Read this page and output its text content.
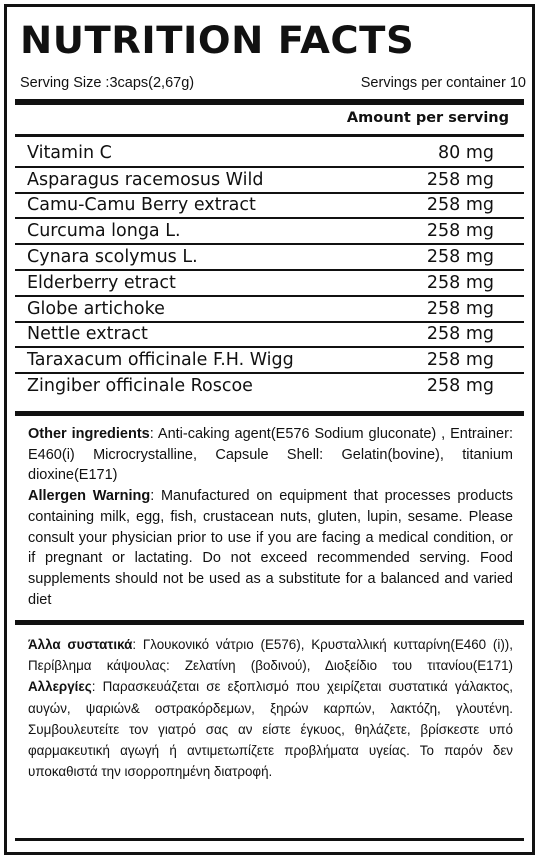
NUTRITION FACTS
Serving Size :3caps(2,67g)	Servings per container 10
Amount per serving
Vitamin C	80 mg
Asparagus racemosus Wild	258 mg
Camu-Camu Berry extract	258 mg
Curcuma longa L.	258 mg
Cynara scolymus L.	258 mg
Elderberry etract	258 mg
Globe artichoke	258 mg
Nettle extract	258 mg
Taraxacum officinale F.H. Wigg	258 mg
Zingiber officinale Roscoe	258 mg
Other ingredients: Anti-caking agent(E576 Sodium gluconate) , Entrainer: E460(i) Microcrystalline, Capsule Shell: Gelatin(bovine), titanium dioxine(E171)
Allergen Warning: Manufactured on equipment that processes products containing milk, egg, fish, crustacean nuts, gluten, lupin, sesame. Please consult your physician prior to use if you are facing a medical condition, or if pregnant or lactating. Do not exceed recommended serving. Food supplements should not be used as a substitute for a balanced and varied diet
Άλλα συστατικά: Γλουκονικό νάτριο (E576), Κρυσταλλική κυτταρίνη(E460 (i)), Περίβλημα κάψουλας: Ζελατίνη (βοδινού), Διοξείδιο του τιτανίου(E171) Αλλεργίες: Παρασκευάζεται σε εξοπλισμό που χειρίζεται συστατικά γάλακτος, αυγών, ψαριών& οστρακόρδεμων, ξηρών καρπών, λακτόζη, γλουτένη. Συμβουλευτείτε τον γιατρό σας αν είστε έγκυος, θηλάζετε, βρίσκεστε υπό φαρμακευτική αγωγή ή αντιμετωπίζετε προβλήματα υγείας. Το παρόν δεν υποκαθιστά την ισορροπημένη διατροφή.
